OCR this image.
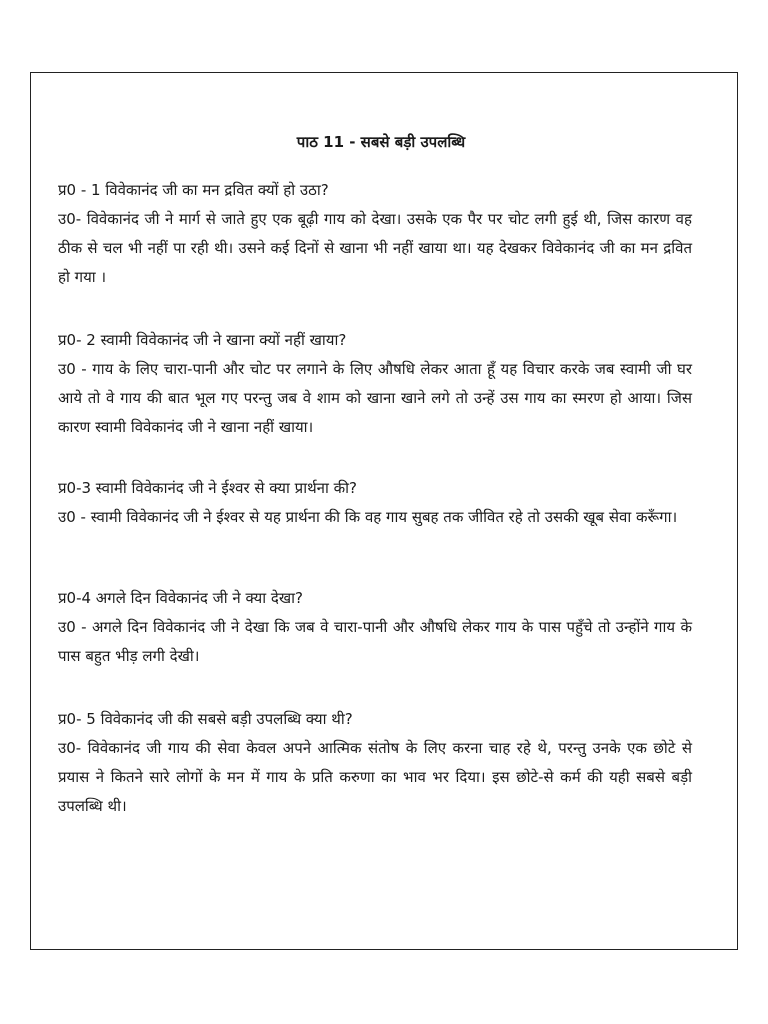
पाठ 11 - सबसे बड़ी उपलब्धि

प्र0 - 1 विवेकानंद जी का मन द्रवित क्यों हो उठा?

उ0- विवेकानंद जी ने मार्ग से जाते हुए एक बूढ़ी गाय को देखा। उसके एक पैर पर चोट लगी हुई थी, जिस कारण वह ठीक से चल भी नहीं पा रही थी। उसने कई दिनों से खाना भी नहीं खाया था। यह देखकर विवेकानंद जी का मन द्रवित हो गया ।

प्र0- 2 स्वामी विवेकानंद जी ने खाना क्यों नहीं खाया?

उ0 - गाय के लिए चारा-पानी और चोट पर लगाने के लिए औषधि लेकर आता हूँ यह विचार करके जब स्वामी जी घर आये तो वे गाय की बात भूल गए परन्तु जब वे शाम को खाना खाने लगे तो उन्हें उस गाय का स्मरण हो आया। जिस कारण स्वामी विवेकानंद जी ने खाना नहीं खाया।

प्र0-3 स्वामी विवेकानंद जी ने ईश्वर से क्या प्रार्थना की?

उ0 - स्वामी विवेकानंद जी ने ईश्वर से यह प्रार्थना की कि वह गाय सुबह तक जीवित रहे तो उसकी खूब सेवा करूँगा।

प्र0-4 अगले दिन विवेकानंद जी ने क्या देखा?

उ0 - अगले दिन विवेकानंद जी ने देखा कि जब वे चारा-पानी और औषधि लेकर गाय के पास पहुँचे तो उन्होंने गाय के पास बहुत भीड़ लगी देखी।

प्र0- 5 विवेकानंद जी की सबसे बड़ी उपलब्धि क्या थी?

उ0- विवेकानंद जी गाय की सेवा केवल अपने आत्मिक संतोष के लिए करना चाह रहे थे, परन्तु उनके एक छोटे से प्रयास ने कितने सारे लोगों के मन में गाय के प्रति करुणा का भाव भर दिया। इस छोटे-से कर्म की यही सबसे बड़ी उपलब्धि थी।
